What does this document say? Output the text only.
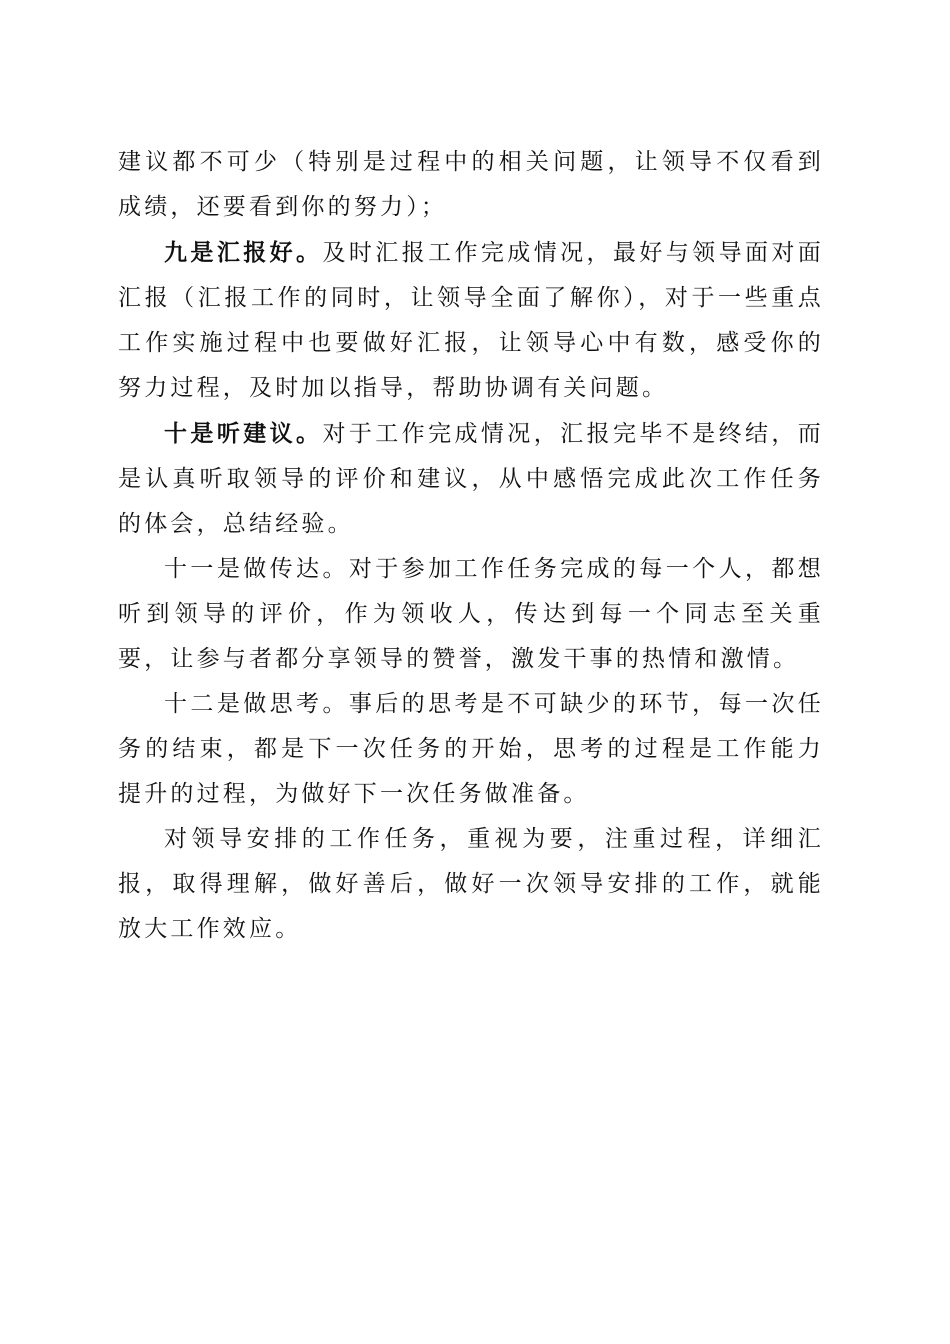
建议都不可少（特别是过程中的相关问题，让领导不仅看到成绩，还要看到你的努力）；

九是汇报好。及时汇报工作完成情况，最好与领导面对面汇报（汇报工作的同时，让领导全面了解你），对于一些重点工作实施过程中也要做好汇报，让领导心中有数，感受你的努力过程，及时加以指导，帮助协调有关问题。

十是听建议。对于工作完成情况，汇报完毕不是终结，而是认真听取领导的评价和建议，从中感悟完成此次工作任务的体会，总结经验。

十一是做传达。对于参加工作任务完成的每一个人，都想听到领导的评价，作为领收人，传达到每一个同志至关重要，让参与者都分享领导的赞誉，激发干事的热情和激情。

十二是做思考。事后的思考是不可缺少的环节，每一次任务的结束，都是下一次任务的开始，思考的过程是工作能力提升的过程，为做好下一次任务做准备。

对领导安排的工作任务，重视为要，注重过程，详细汇报，取得理解，做好善后，做好一次领导安排的工作，就能放大工作效应。
